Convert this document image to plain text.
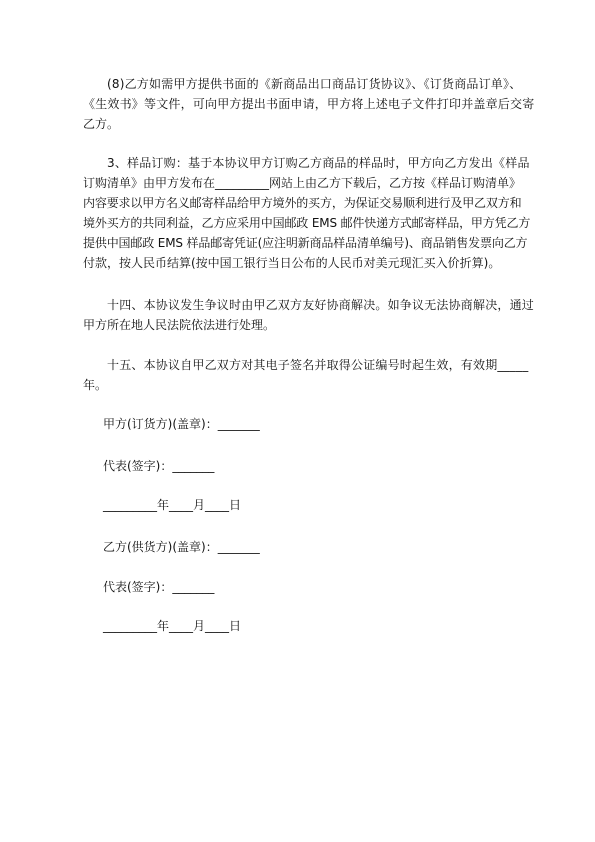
(8)乙方如需甲方提供书面的《新商品出口商品订货协议》、《订货商品订单》、
《生效书》等文件，可向甲方提出书面申请，甲方将上述电子文件打印并盖章后交寄
乙方。
3、样品订购：基于本协议甲方订购乙方商品的样品时，甲方向乙方发出《样品
订购清单》由甲方发布在_________网站上由乙方下载后，乙方按《样品订购清单》
内容要求以甲方名义邮寄样品给甲方境外的买方，为保证交易顺利进行及甲乙双方和
境外买方的共同利益，乙方应采用中国邮政 EMS 邮件快递方式邮寄样品，甲方凭乙方
提供中国邮政 EMS 样品邮寄凭证(应注明新商品样品清单编号)、商品销售发票向乙方
付款，按人民币结算(按中国工银行当日公布的人民币对美元现汇买入价折算)。
十四、本协议发生争议时由甲乙双方友好协商解决。如争议无法协商解决，通过
甲方所在地人民法院依法进行处理。
十五、本协议自甲乙双方对其电子签名并取得公证编号时起生效，有效期_____
年。
甲方(订货方)(盖章)：_______
代表(签字)：_______
_________年____月____日
乙方(供货方)(盖章)：_______
代表(签字)：_______
_________年____月____日
